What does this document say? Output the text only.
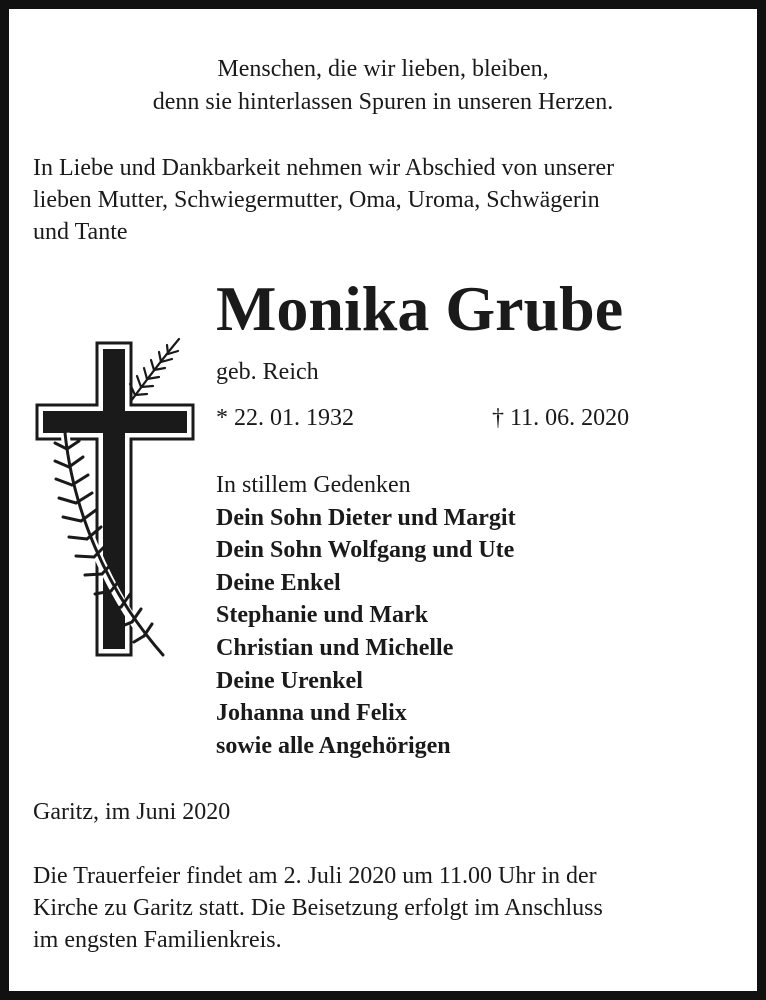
Menschen, die wir lieben, bleiben,
denn sie hinterlassen Spuren in unseren Herzen.
In Liebe und Dankbarkeit nehmen wir Abschied von unserer
lieben Mutter, Schwiegermutter, Oma, Uroma, Schwägerin
und Tante
Monika Grube
geb. Reich
* 22. 01. 1932	† 11. 06. 2020
In stillem Gedenken
Dein Sohn Dieter und Margit
Dein Sohn Wolfgang und Ute
Deine Enkel
Stephanie und Mark
Christian und Michelle
Deine Urenkel
Johanna und Felix
sowie alle Angehörigen
Garitz, im Juni 2020
Die Trauerfeier findet am 2. Juli 2020 um 11.00 Uhr in der
Kirche zu Garitz statt. Die Beisetzung erfolgt im Anschluss
im engsten Familienkreis.
